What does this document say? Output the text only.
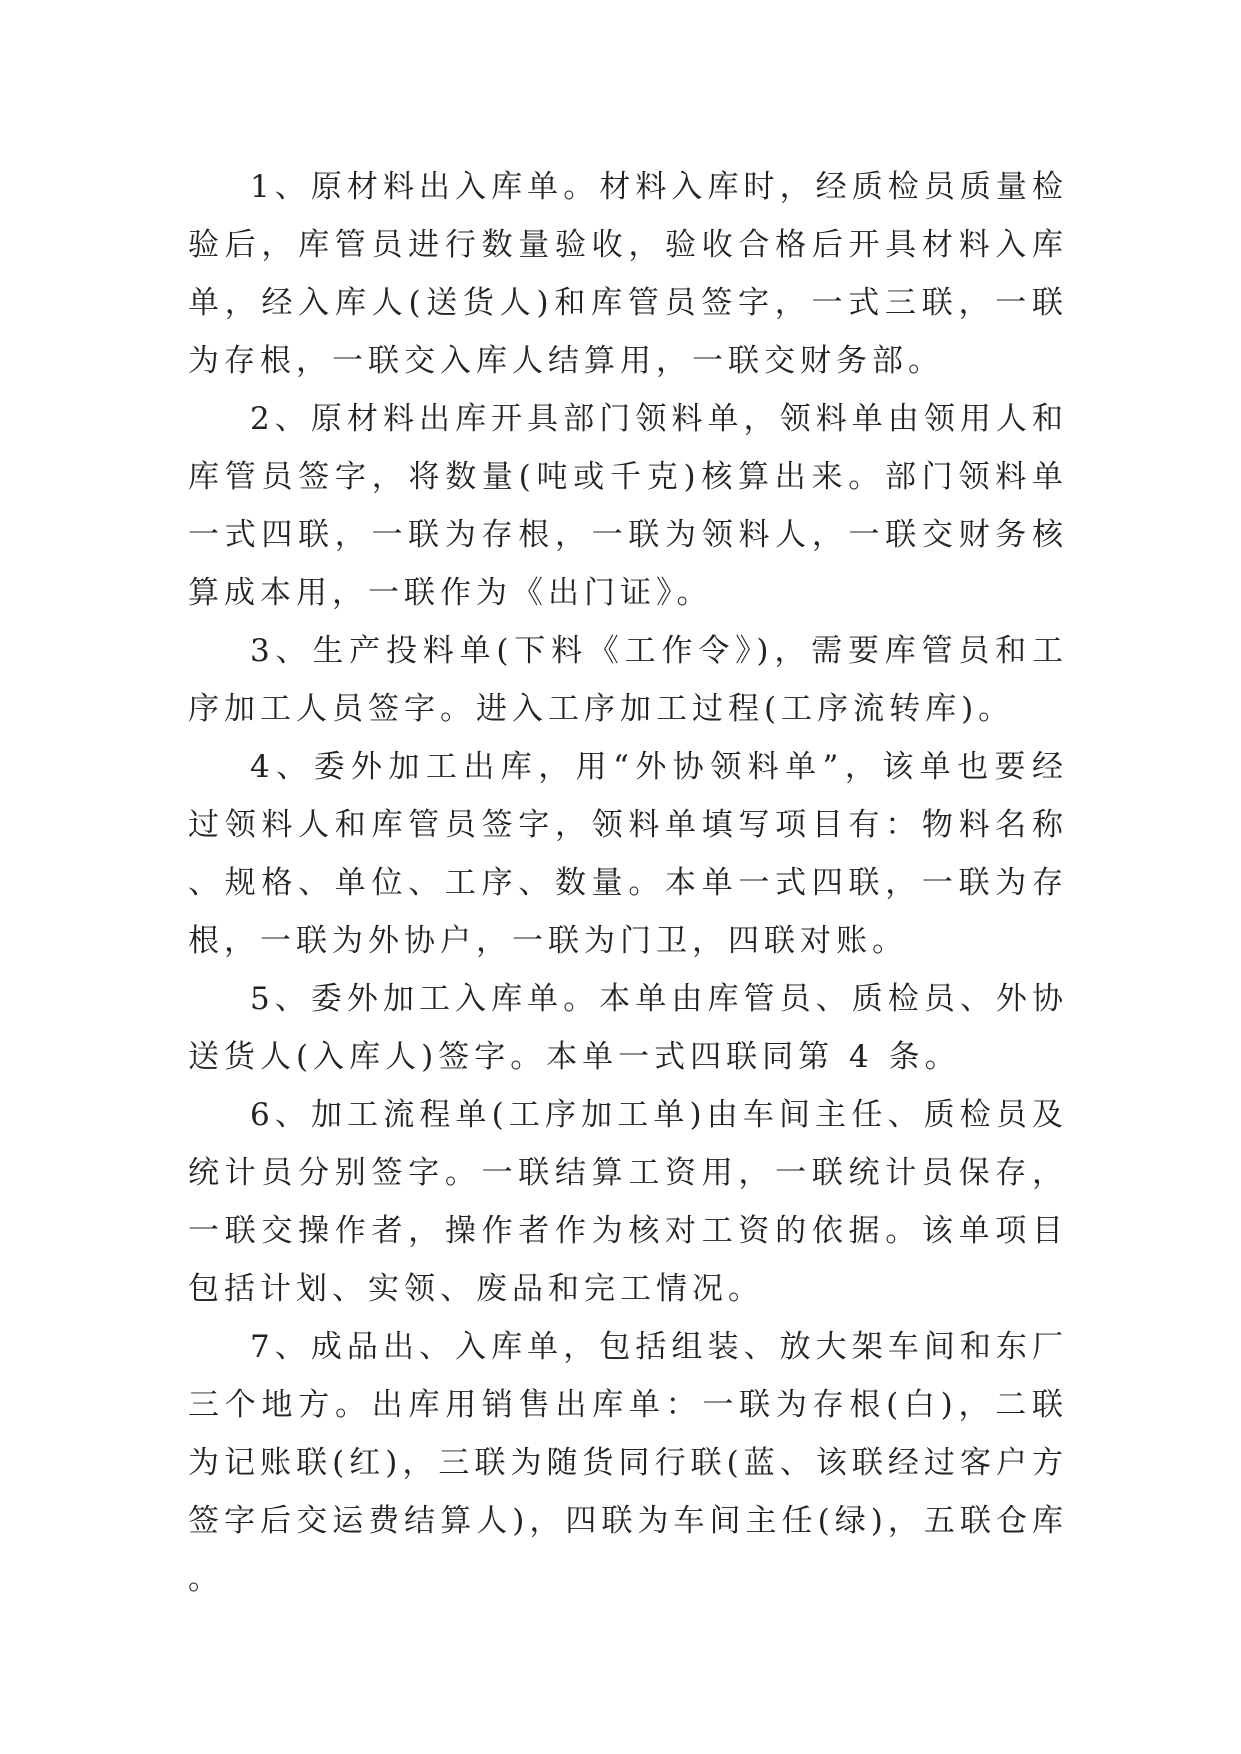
1、原材料出入库单。材料入库时，经质检员质量检验后，库管员进行数量验收，验收合格后开具材料入库单，经入库人(送货人)和库管员签字，一式三联，一联为存根，一联交入库人结算用，一联交财务部。

2、原材料出库开具部门领料单，领料单由领用人和库管员签字，将数量(吨或千克)核算出来。部门领料单一式四联，一联为存根，一联为领料人，一联交财务核算成本用，一联作为《出门证》。

3、生产投料单(下料《工作令》)，需要库管员和工序加工人员签字。进入工序加工过程(工序流转库)。

4、委外加工出库，用“外协领料单”，该单也要经过领料人和库管员签字，领料单填写项目有：物料名称、规格、单位、工序、数量。本单一式四联，一联为存根，一联为外协户，一联为门卫，四联对账。

5、委外加工入库单。本单由库管员、质检员、外协送货人(入库人)签字。本单一式四联同第 4 条。

6、加工流程单(工序加工单)由车间主任、质检员及统计员分别签字。一联结算工资用，一联统计员保存，一联交操作者，操作者作为核对工资的依据。该单项目包括计划、实领、废品和完工情况。

7、成品出、入库单，包括组装、放大架车间和东厂三个地方。出库用销售出库单：一联为存根(白)，二联为记账联(红)，三联为随货同行联(蓝、该联经过客户方签字后交运费结算人)，四联为车间主任(绿)，五联仓库。
